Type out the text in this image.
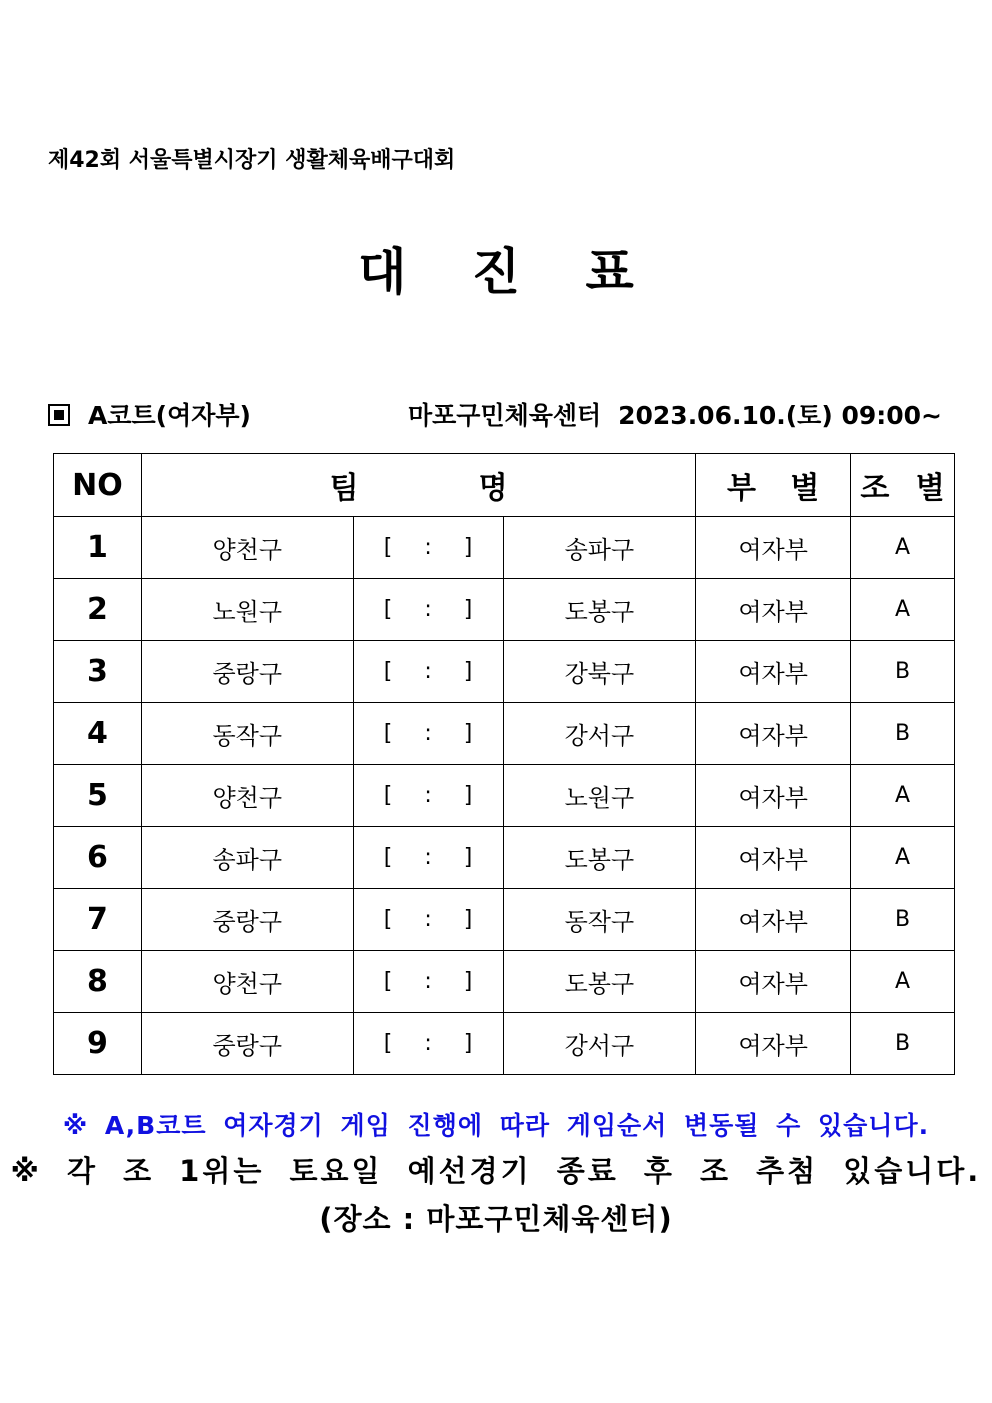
제42회 서울특별시장기 생활체육배구대회
대 진 표
A코트(여자부)	마포구민체육센터 2023.06.10.(토) 09:00~
NO	팀 명			부 별	조 별
1	양천구	[ : ]	송파구	여자부	A
2	노원구	[ : ]	도봉구	여자부	A
3	중랑구	[ : ]	강북구	여자부	B
4	동작구	[ : ]	강서구	여자부	B
5	양천구	[ : ]	노원구	여자부	A
6	송파구	[ : ]	도봉구	여자부	A
7	중랑구	[ : ]	동작구	여자부	B
8	양천구	[ : ]	도봉구	여자부	A
9	중랑구	[ : ]	강서구	여자부	B
※ A,B코트 여자경기 게임 진행에 따라 게임순서 변동될 수 있습니다.
※ 각 조 1위는 토요일 예선경기 종료 후 조 추첨 있습니다.
(장소 : 마포구민체육센터)
